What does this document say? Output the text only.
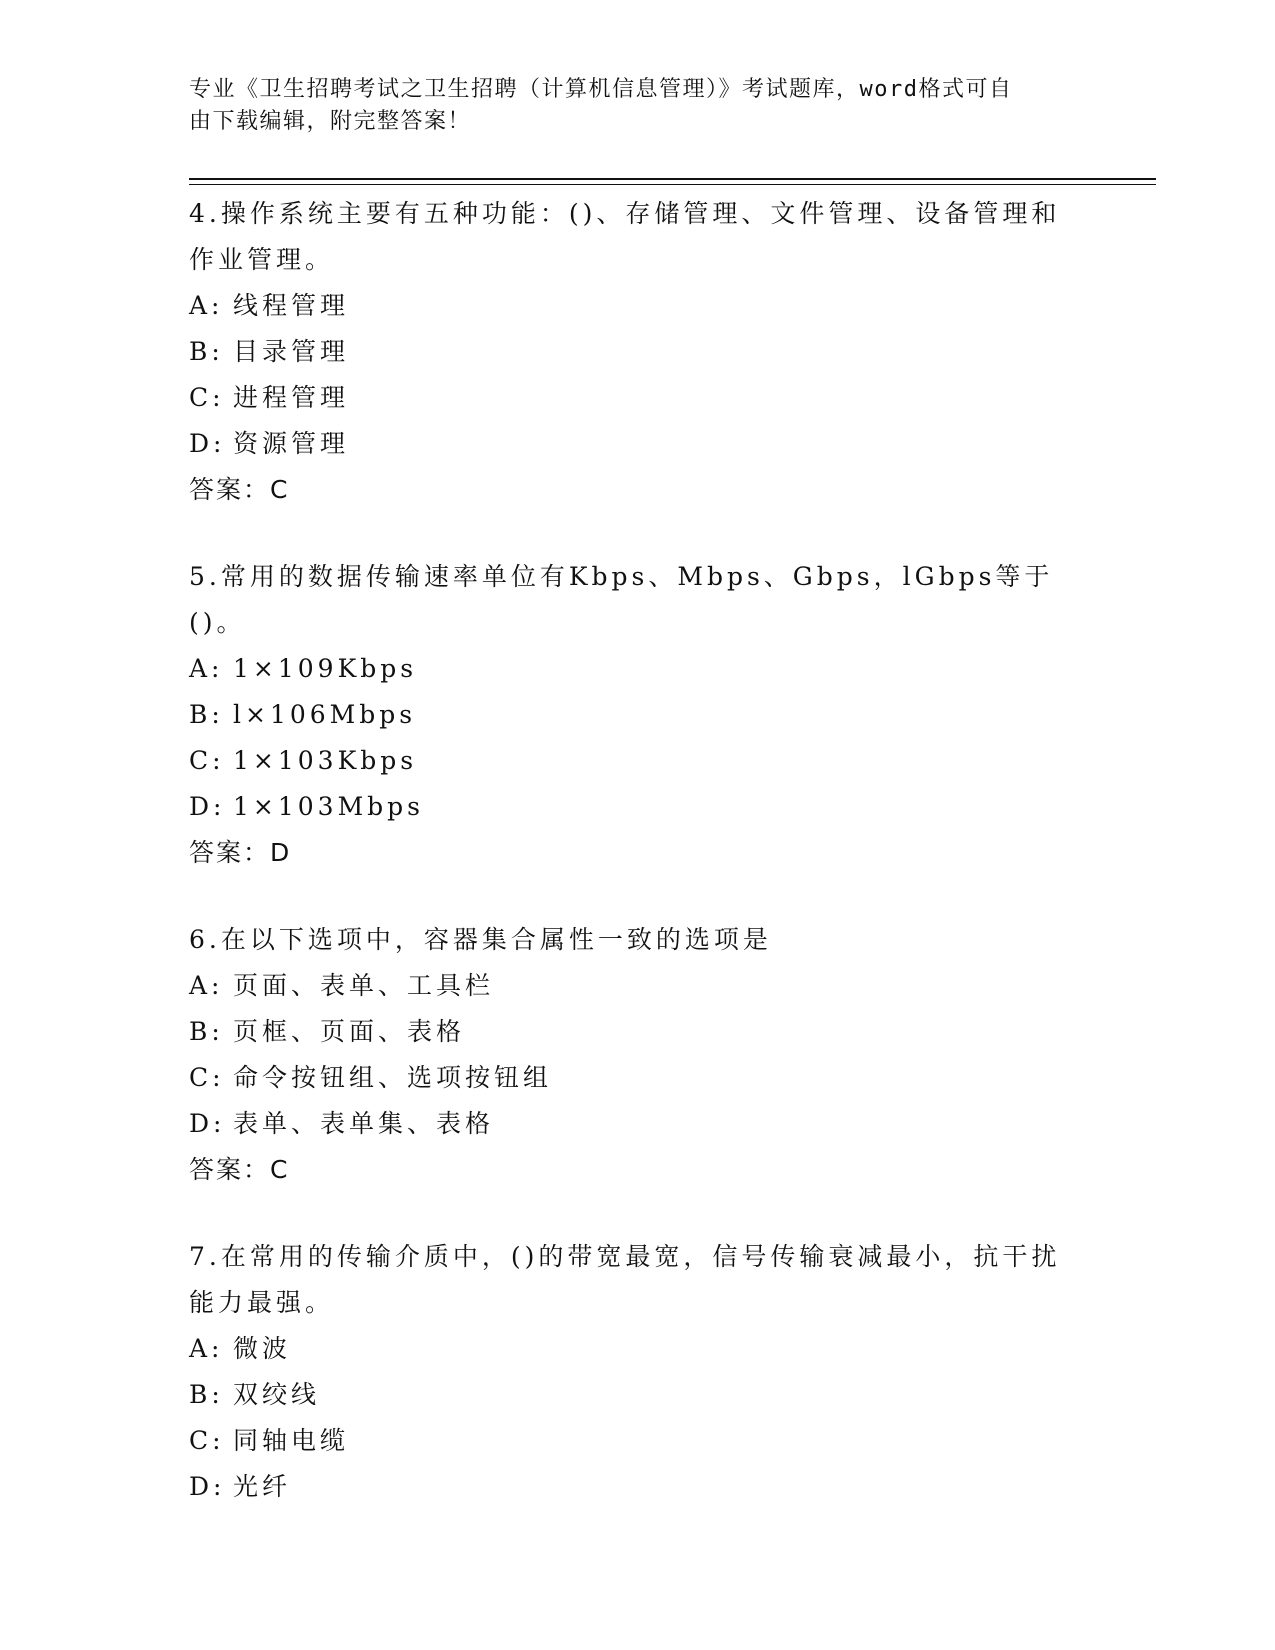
专业《卫生招聘考试之卫生招聘（计算机信息管理）》考试题库，word格式可自
由下载编辑，附完整答案！
4.操作系统主要有五种功能：()、存储管理、文件管理、设备管理和
作业管理。
A: 线程管理
B: 目录管理
C: 进程管理
D: 资源管理
答案：C
5.常用的数据传输速率单位有Kbps、Mbps、Gbps，lGbps等于()。
A: 1×109Kbps
B: l×106Mbps
C: 1×103Kbps
D: 1×103Mbps
答案：D
6.在以下选项中，容器集合属性一致的选项是
A: 页面、表单、工具栏
B: 页框、页面、表格
C: 命令按钮组、选项按钮组
D: 表单、表单集、表格
答案：C
7.在常用的传输介质中，()的带宽最宽，信号传输衰减最小，抗干扰
能力最强。
A: 微波
B: 双绞线
C: 同轴电缆
D: 光纤
